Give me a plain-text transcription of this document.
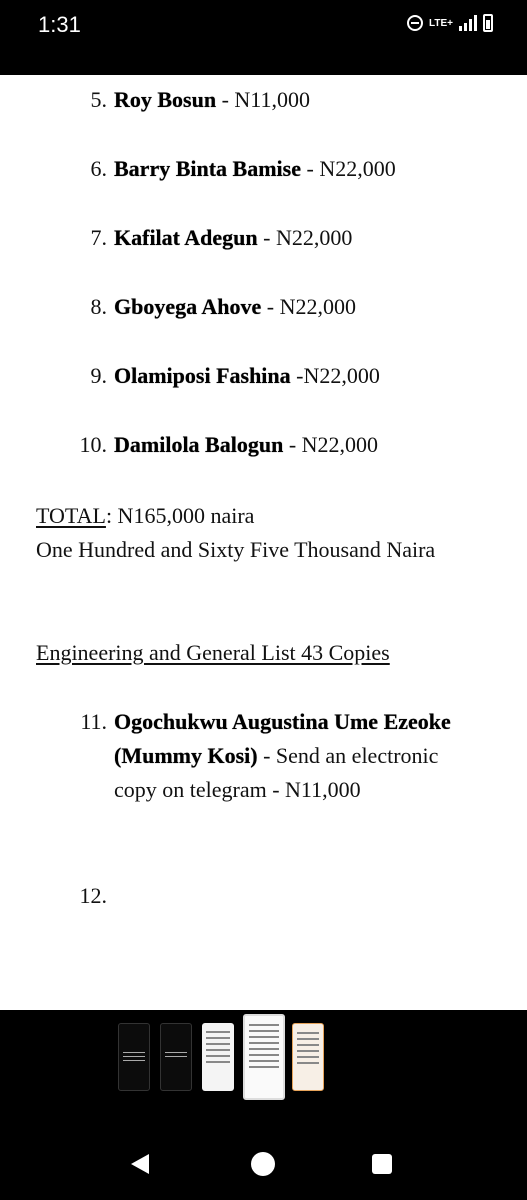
1:31	LTE+
5. Roy Bosun - N11,000
6. Barry Binta Bamise - N22,000
7. Kafilat Adegun - N22,000
8. Gboyega Ahove - N22,000
9. Olamiposi Fashina -N22,000
10. Damilola Balogun - N22,000
TOTAL: N165,000 naira
One Hundred and Sixty Five Thousand Naira
Engineering and General List 43 Copies
11. Ogochukwu Augustina Ume Ezeoke (Mummy Kosi) - Send an electronic copy on telegram - N11,000
12.
